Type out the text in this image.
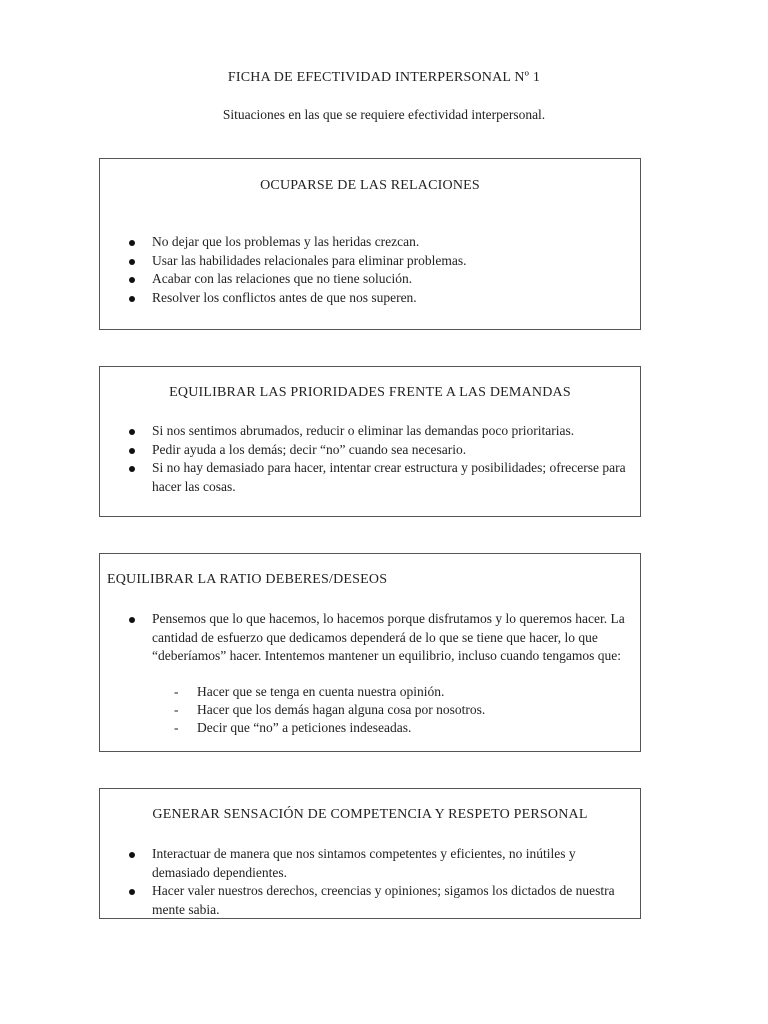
FICHA DE EFECTIVIDAD INTERPERSONAL Nº 1
Situaciones en las que se requiere efectividad interpersonal.
OCUPARSE DE LAS RELACIONES
No dejar que los problemas y las heridas crezcan.
Usar las habilidades relacionales para eliminar problemas.
Acabar con las relaciones que no tiene solución.
Resolver los conflictos antes de que nos superen.
EQUILIBRAR LAS PRIORIDADES FRENTE A LAS DEMANDAS
Si nos sentimos abrumados, reducir o eliminar las demandas poco prioritarias.
Pedir ayuda a los demás; decir “no” cuando sea necesario.
Si no hay demasiado para hacer, intentar crear estructura y posibilidades; ofrecerse para hacer las cosas.
EQUILIBRAR LA RATIO DEBERES/DESEOS
Pensemos que lo que hacemos, lo hacemos porque disfrutamos y lo queremos hacer. La cantidad de esfuerzo que dedicamos dependerá de lo que se tiene que hacer, lo que “deberíamos” hacer. Intentemos mantener un equilibrio, incluso cuando tengamos que:
- Hacer que se tenga en cuenta nuestra opinión.
- Hacer que los demás hagan alguna cosa por nosotros.
- Decir que “no” a peticiones indeseadas.
GENERAR SENSACIÓN DE COMPETENCIA Y RESPETO PERSONAL
Interactuar de manera que nos sintamos competentes y eficientes, no inútiles y demasiado dependientes.
Hacer valer nuestros derechos, creencias y opiniones; sigamos los dictados de nuestra mente sabia.
